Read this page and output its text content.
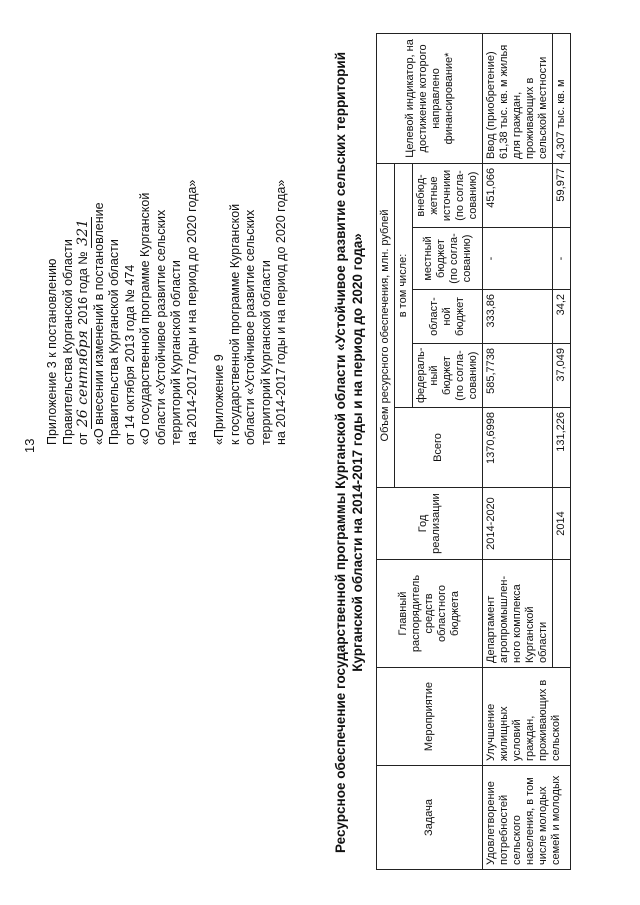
13
Приложение 3 к постановлению Правительства Курганской области от 26 сентября 2016 года № 321 «О внесении изменений в постановление Правительства Курганской области от 14 октября 2013 года № 474 «О государственной программе Курганской области «Устойчивое развитие сельских территорий Курганской области на 2014-2017 годы и на период до 2020 года» «Приложение 9 к государственной программе Курганской области «Устойчивое развитие сельских территорий Курганской области на 2014-2017 годы и на период до 2020 года»	Ресурсное обеспечение государственной программы Курганской области «Устойчивое развитие сельских территорий Курганской области на 2014-2017 годы и на период до 2020 года»
Задача	Мероприятие	Главный распорядитель средств областного бюджета	Год реализации	Объем ресурсного обеспечения, млн. рублей					Целевой индикатор, на достижение которого направлено финансирование*
				Всего	в том числе:				
					федераль-ный бюджет (по согла-сованию)	област-ной бюджет	местный бюджет (по согла-сованию)	внебюд-жетные источники (по согла-сованию)	
Удовлетворение потребностей сельского населения, в том числе молодых семей и молодых	Улучшение жилищных условий граждан, проживающих в сельской	Департамент агропромышлен-ного комплекса Курганской области	2014-2020	1370,6998	585,7738	333,86	-	451,066	Ввод (приобретение) 61,38 тыс. кв. м жилья для граждан, проживающих в сельской местности
			2014	131,226	37,049	34,2	-	59,977	4,307 тыс. кв. м
